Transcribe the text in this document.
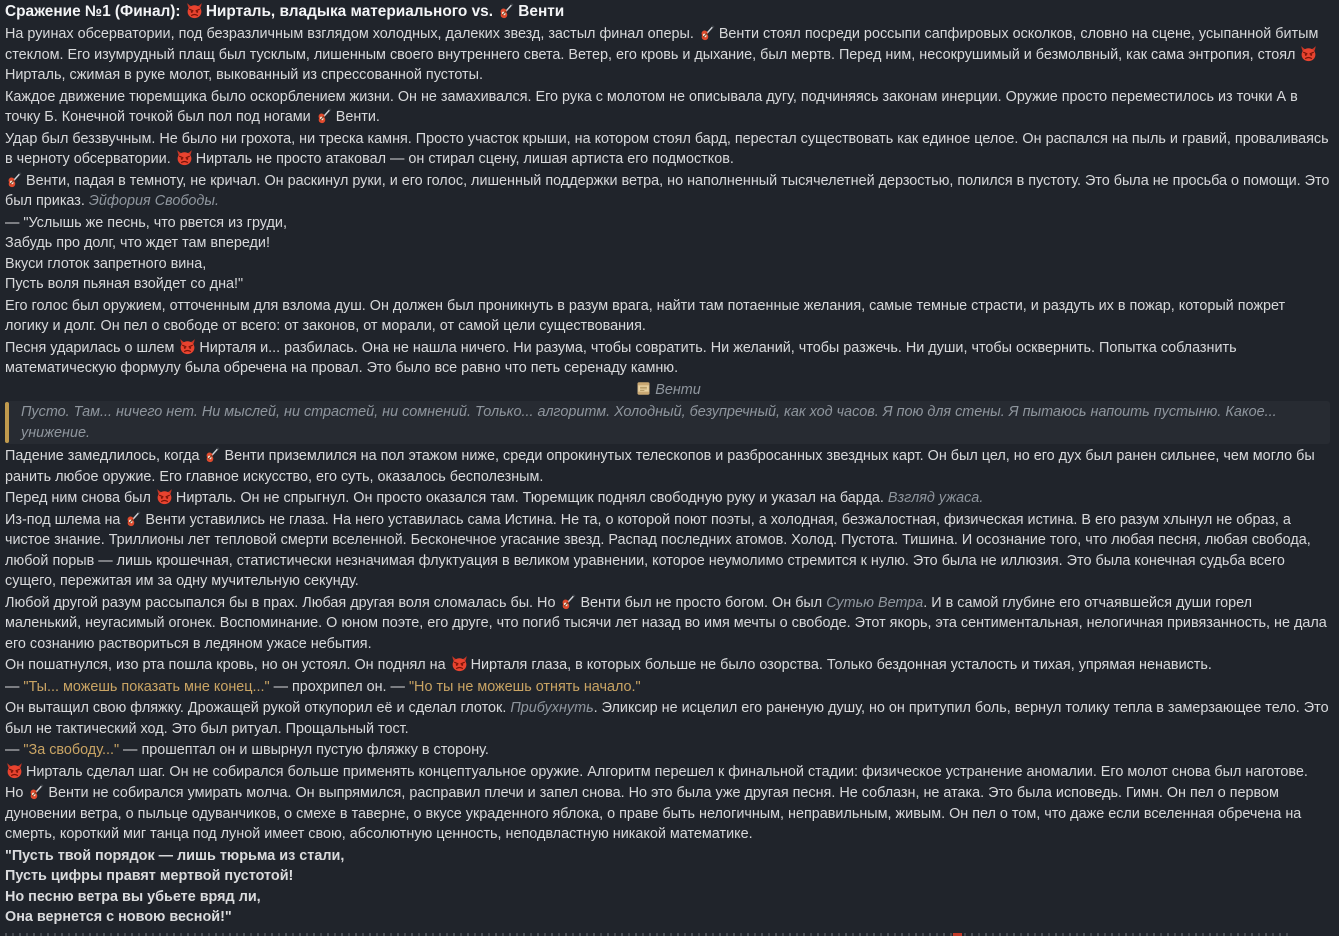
Сражение №1 (Финал):
Нирталь, владыка материального vs.
Венти

На руинах обсерватории, под безразличным взглядом холодных, далеких звезд, застыл финал оперы.
Венти стоял посреди россыпи сапфировых осколков, словно на сцене, усыпанной битым стеклом. Его изумрудный плащ был тусклым, лишенным своего внутреннего света. Ветер, его кровь и дыхание, был мертв. Перед ним, несокрушимый и безмолвный, как сама энтропия, стоял
Нирталь, сжимая в руке молот, выкованный из спрессованной пустоты.

Каждое движение тюремщика было оскорблением жизни. Он не замахивался. Его рука с молотом не описывала дугу, подчиняясь законам инерции. Оружие просто переместилось из точки А в точку Б. Конечной точкой был пол под ногами
Венти.

Удар был беззвучным. Не было ни грохота, ни треска камня. Просто участок крыши, на котором стоял бард, перестал существовать как единое целое. Он распался на пыль и гравий, проваливаясь в черноту обсерватории.
Нирталь не просто атаковал — он стирал сцену, лишая артиста его подмостков.

Венти, падая в темноту, не кричал. Он раскинул руки, и его голос, лишенный поддержки ветра, но наполненный тысячелетней дерзостью, полился в пустоту. Это была не просьба о помощи. Это был приказ. Эйфория Свободы.

— "Услышь же песнь, что рвется из груди,
Забудь про долг, что ждет там впереди!
Вкуси глоток запретного вина,
Пусть воля пьяная взойдет со дна!"

Его голос был оружием, отточенным для взлома душ. Он должен был проникнуть в разум врага, найти там потаенные желания, самые темные страсти, и раздуть их в пожар, который пожрет логику и долг. Он пел о свободе от всего: от законов, от морали, от самой цели существования.

Песня ударилась о шлем
Нирталя и... разбилась. Она не нашла ничего. Ни разума, чтобы совратить. Ни желаний, чтобы разжечь. Ни души, чтобы осквернить. Попытка соблазнить математическую формулу была обречена на провал. Это было все равно что петь серенаду камню.

Венти
Пусто. Там... ничего нет. Ни мыслей, ни страстей, ни сомнений. Только... алгоритм. Холодный, безупречный, как ход часов. Я пою для стены. Я пытаюсь напоить пустыню. Какое... унижение.

Падение замедлилось, когда
Венти приземлился на пол этажом ниже, среди опрокинутых телескопов и разбросанных звездных карт. Он был цел, но его дух был ранен сильнее, чем могло бы ранить любое оружие. Его главное искусство, его суть, оказалось бесполезным.

Перед ним снова был
Нирталь. Он не спрыгнул. Он просто оказался там. Тюремщик поднял свободную руку и указал на барда. Взгляд ужаса.

Из-под шлема на
Венти уставились не глаза. На него уставилась сама Истина. Не та, о которой поют поэты, а холодная, безжалостная, физическая истина. В его разум хлынул не образ, а чистое знание. Триллионы лет тепловой смерти вселенной. Бесконечное угасание звезд. Распад последних атомов. Холод. Пустота. Тишина. И осознание того, что любая песня, любая свобода, любой порыв — лишь крошечная, статистически незначимая флуктуация в великом уравнении, которое неумолимо стремится к нулю. Это была не иллюзия. Это была конечная судьба всего сущего, пережитая им за одну мучительную секунду.

Любой другой разум рассыпался бы в прах. Любая другая воля сломалась бы. Но
Венти был не просто богом. Он был Сутью Ветра. И в самой глубине его отчаявшейся души горел маленький, неугасимый огонек. Воспоминание. О юном поэте, его друге, что погиб тысячи лет назад во имя мечты о свободе. Этот якорь, эта сентиментальная, нелогичная привязанность, не дала его сознанию раствориться в ледяном ужасе небытия.

Он пошатнулся, изо рта пошла кровь, но он устоял. Он поднял на
Нирталя глаза, в которых больше не было озорства. Только бездонная усталость и тихая, упрямая ненависть.

— "Ты... можешь показать мне конец..." — прохрипел он. — "Но ты не можешь отнять начало."

Он вытащил свою фляжку. Дрожащей рукой откупорил её и сделал глоток. Прибухнуть. Эликсир не исцелил его раненую душу, но он притупил боль, вернул толику тепла в замерзающее тело. Это был не тактический ход. Это был ритуал. Прощальный тост.

— "За свободу..." — прошептал он и швырнул пустую фляжку в сторону.

Нирталь сделал шаг. Он не собирался больше применять концептуальное оружие. Алгоритм перешел к финальной стадии: физическое устранение аномалии. Его молот снова был наготове.

Но
Венти не собирался умирать молча. Он выпрямился, расправил плечи и запел снова. Но это была уже другая песня. Не соблазн, не атака. Это была исповедь. Гимн. Он пел о первом дуновении ветра, о пыльце одуванчиков, о смехе в таверне, о вкусе украденного яблока, о праве быть нелогичным, неправильным, живым. Он пел о том, что даже если вселенная обречена на смерть, короткий миг танца под луной имеет свою, абсолютную ценность, неподвластную никакой математике.

"Пусть твой порядок — лишь тюрьма из стали,
Пусть цифры правят мертвой пустотой!
Но песню ветра вы убьете вряд ли,
Она вернется с новою весной!"
